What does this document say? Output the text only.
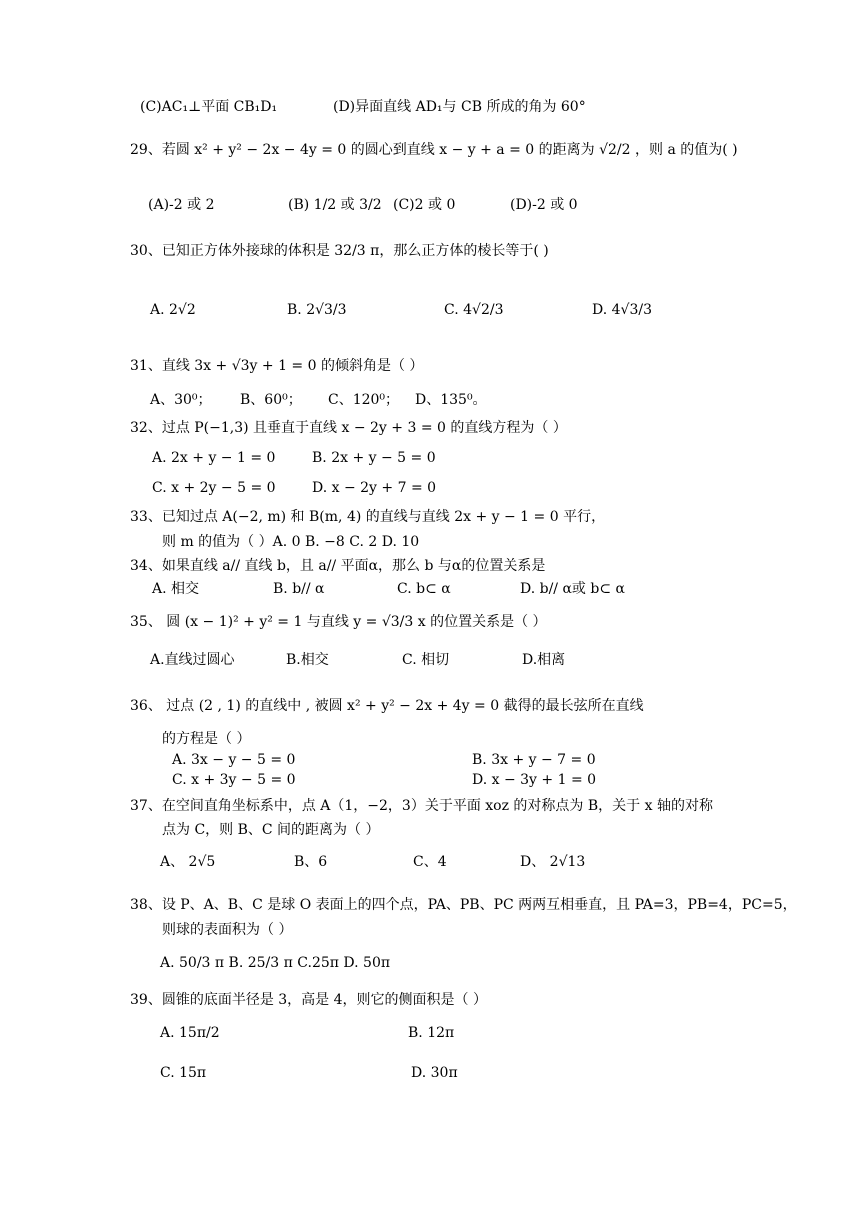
(C)AC₁⊥平面 CB₁D₁	(D)异面直线 AD₁与 CB 所成的角为 60°
29、若圆 x² + y² − 2x − 4y = 0 的圆心到直线 x − y + a = 0 的距离为 √2/2 ，则 a 的值为( )
(A)-2 或 2	(B) 1/2 或 3/2 (C)2 或 0	(D)-2 或 0
30、已知正方体外接球的体积是 32/3 π，那么正方体的棱长等于( )
A. 2√2	B. 2√3/3	C. 4√2/3	D. 4√3/3
31、直线 3x + √3y + 1 = 0 的倾斜角是（ ）
A、30⁰； B、60⁰； C、120⁰； D、135⁰。
32、过点 P(−1,3) 且垂直于直线 x − 2y + 3 = 0 的直线方程为（ ）
A. 2x + y − 1 = 0	B. 2x + y − 5 = 0
C. x + 2y − 5 = 0	D. x − 2y + 7 = 0
33、已知过点 A(−2, m) 和 B(m, 4) 的直线与直线 2x + y − 1 = 0 平行，
则 m 的值为（ ）A. 0 B. −8 C. 2 D. 10
34、如果直线 a// 直线 b，且 a// 平面α，那么 b 与α的位置关系是
A. 相交	B. b// α	C. b⊂ α	D. b// α或 b⊂ α
35、 圆 (x − 1)² + y² = 1 与直线 y = √3/3 x 的位置关系是（ ）
A.直线过圆心	B.相交	C. 相切	D.相离
36、 过点 (2 , 1) 的直线中 , 被圆 x² + y² − 2x + 4y = 0 截得的最长弦所在直线
的方程是（ ）
A. 3x − y − 5 = 0	B. 3x + y − 7 = 0
C. x + 3y − 5 = 0	D. x − 3y + 1 = 0
37、在空间直角坐标系中，点 A（1，−2，3）关于平面 xoz 的对称点为 B，关于 x 轴的对称
点为 C，则 B、C 间的距离为（ ）
A、 2√5	B、6	C、4	D、 2√13
38、设 P、A、B、C 是球 O 表面上的四个点，PA、PB、PC 两两互相垂直，且 PA=3，PB=4，PC=5，
则球的表面积为（ ）
A. 50/3 π B. 25/3 π C.25π D. 50π
39、圆锥的底面半径是 3，高是 4，则它的侧面积是（ ）
A. 15π/2	B. 12π
C. 15π	D. 30π
